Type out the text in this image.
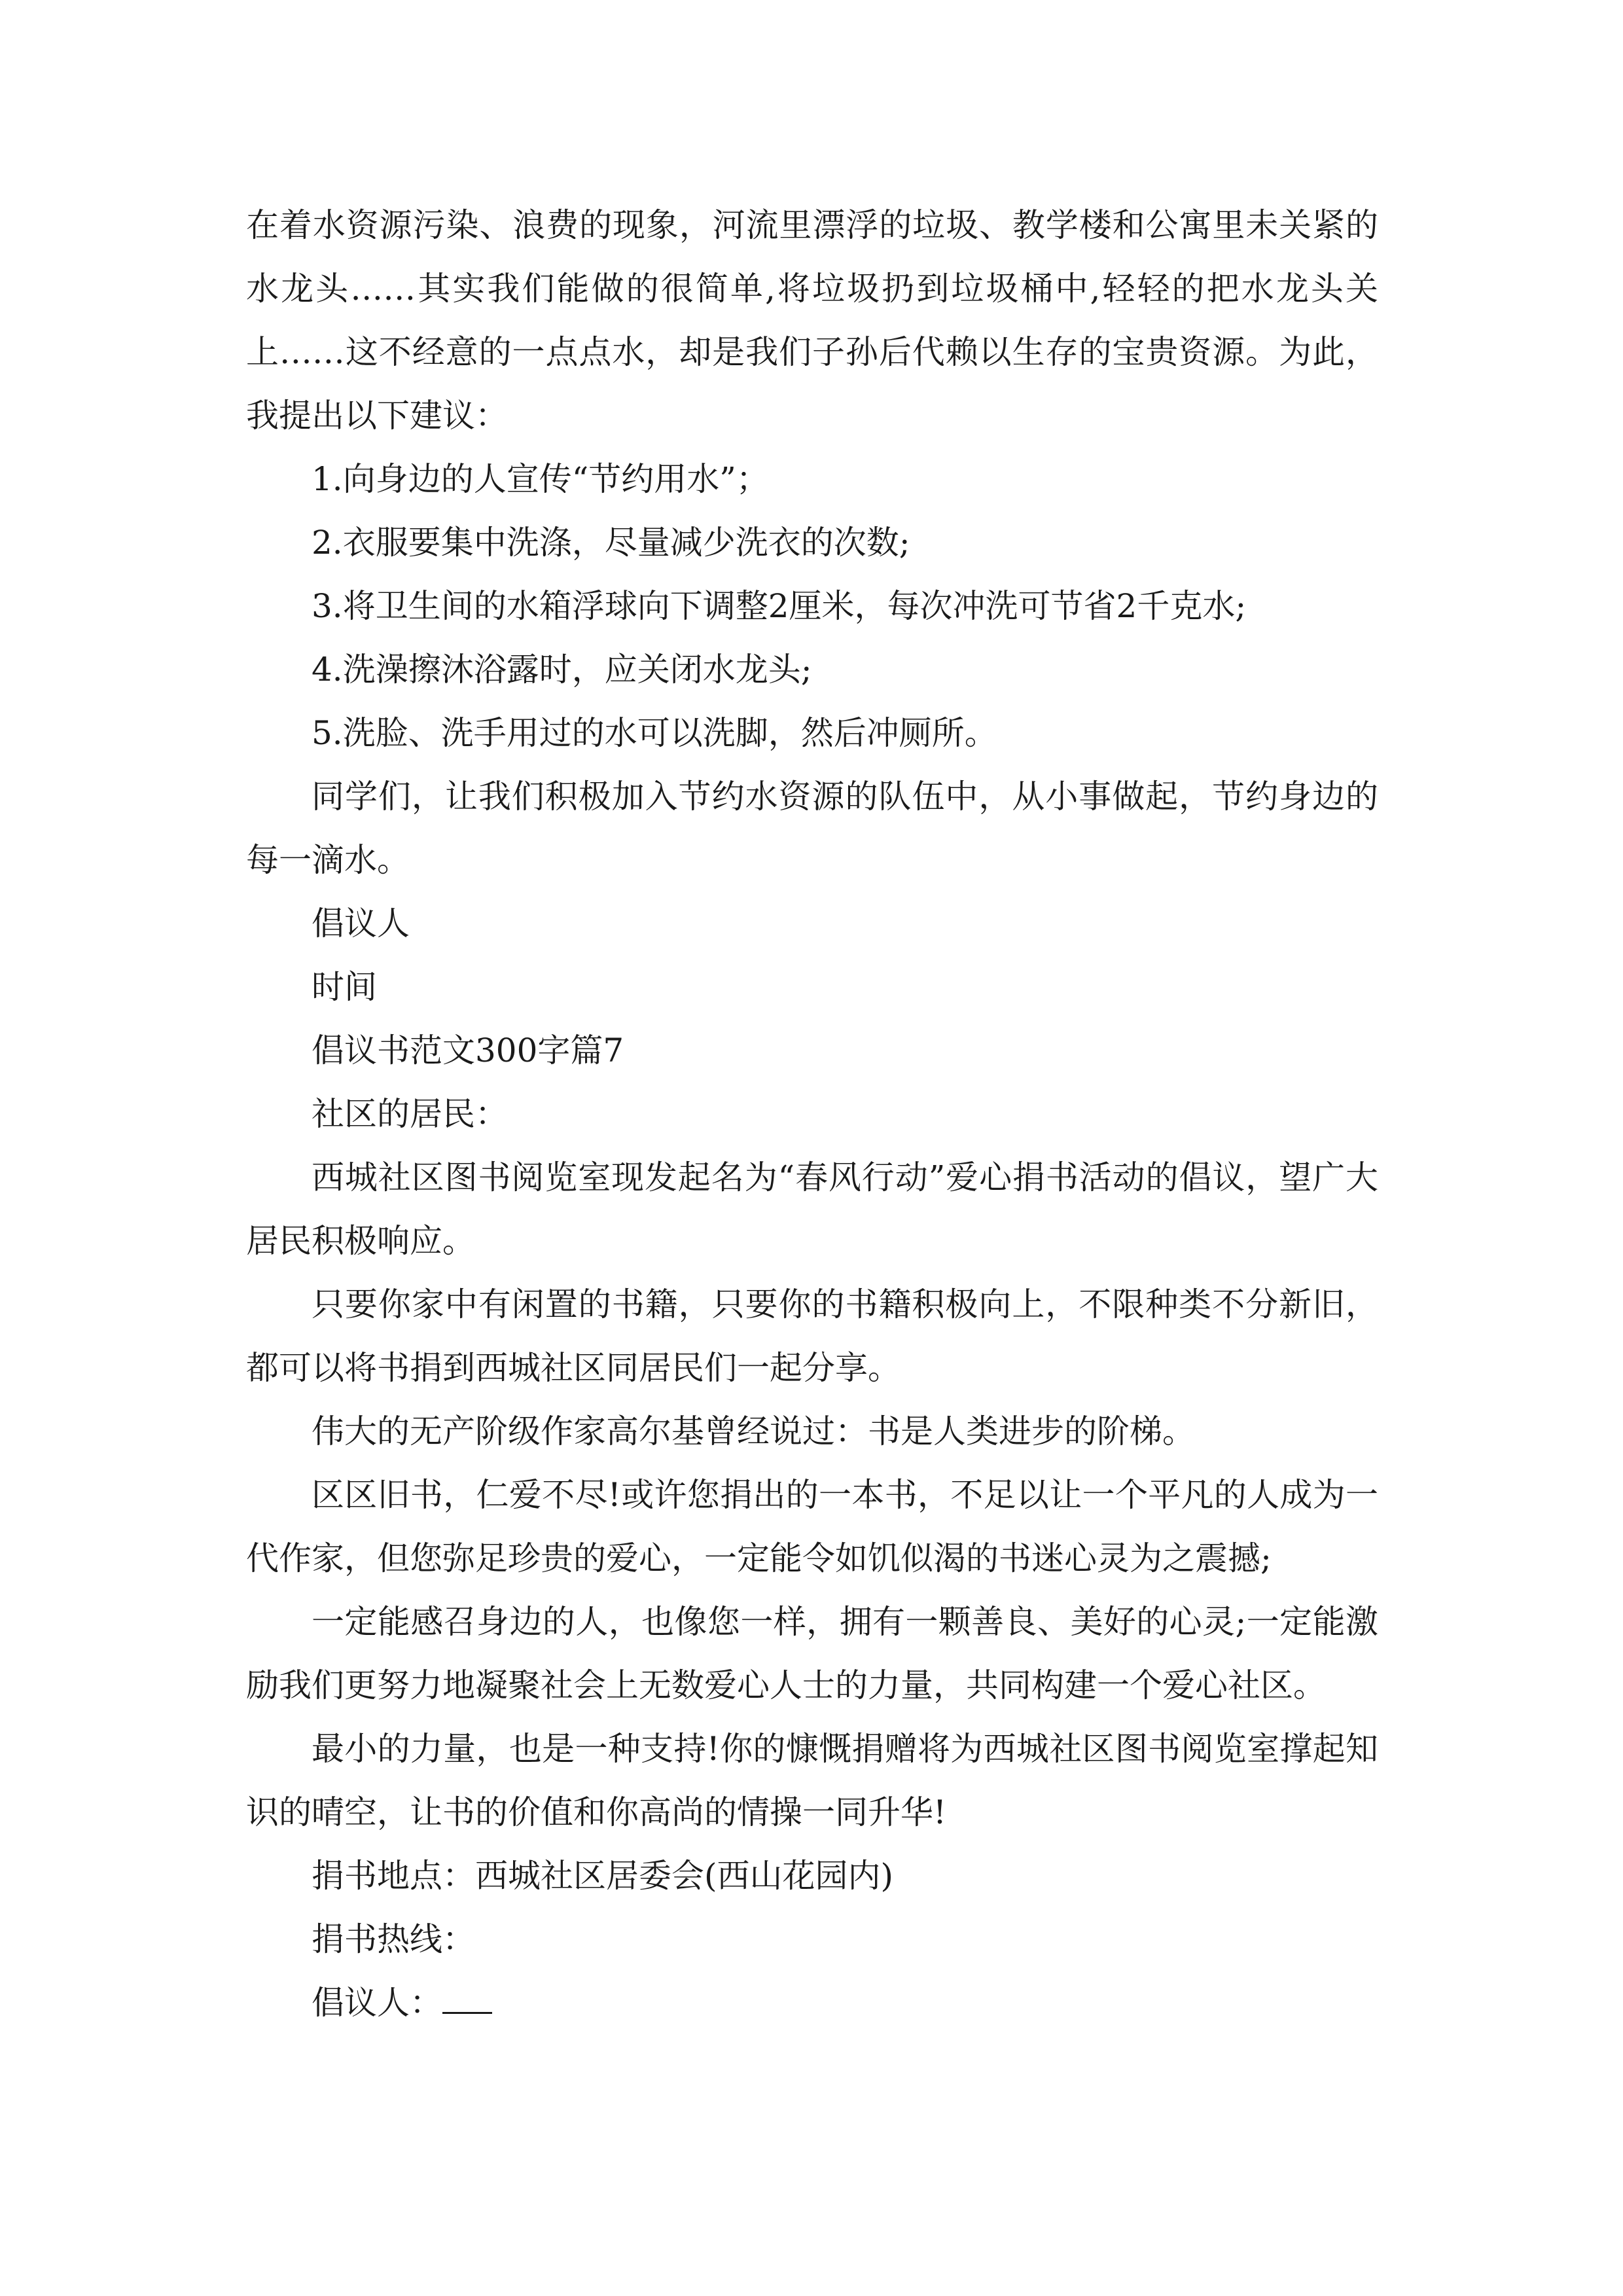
在着水资源污染、浪费的现象，河流里漂浮的垃圾、教学楼和公寓里未关紧的水龙头……其实我们能做的很简单,将垃圾扔到垃圾桶中,轻轻的把水龙头关上……这不经意的一点点水，却是我们子孙后代赖以生存的宝贵资源。为此，我提出以下建议：

1.向身边的人宣传“节约用水”；

2.衣服要集中洗涤，尽量减少洗衣的次数;

3.将卫生间的水箱浮球向下调整2厘米，每次冲洗可节省2千克水;

4.洗澡擦沐浴露时，应关闭水龙头;

5.洗脸、洗手用过的水可以洗脚，然后冲厕所。

同学们，让我们积极加入节约水资源的队伍中，从小事做起，节约身边的每一滴水。

倡议人

时间

倡议书范文300字篇7

社区的居民：

西城社区图书阅览室现发起名为“春风行动”爱心捐书活动的倡议，望广大居民积极响应。

只要你家中有闲置的书籍，只要你的书籍积极向上，不限种类不分新旧，都可以将书捐到西城社区同居民们一起分享。

伟大的无产阶级作家高尔基曾经说过：书是人类进步的阶梯。

区区旧书，仁爱不尽!或许您捐出的一本书，不足以让一个平凡的人成为一代作家，但您弥足珍贵的爱心，一定能令如饥似渴的书迷心灵为之震撼;

一定能感召身边的人，也像您一样，拥有一颗善良、美好的心灵;一定能激励我们更努力地凝聚社会上无数爱心人士的力量，共同构建一个爱心社区。

最小的力量，也是一种支持!你的慷慨捐赠将为西城社区图书阅览室撑起知识的晴空，让书的价值和你高尚的情操一同升华!

捐书地点：西城社区居委会(西山花园内)

捐书热线：

倡议人：
